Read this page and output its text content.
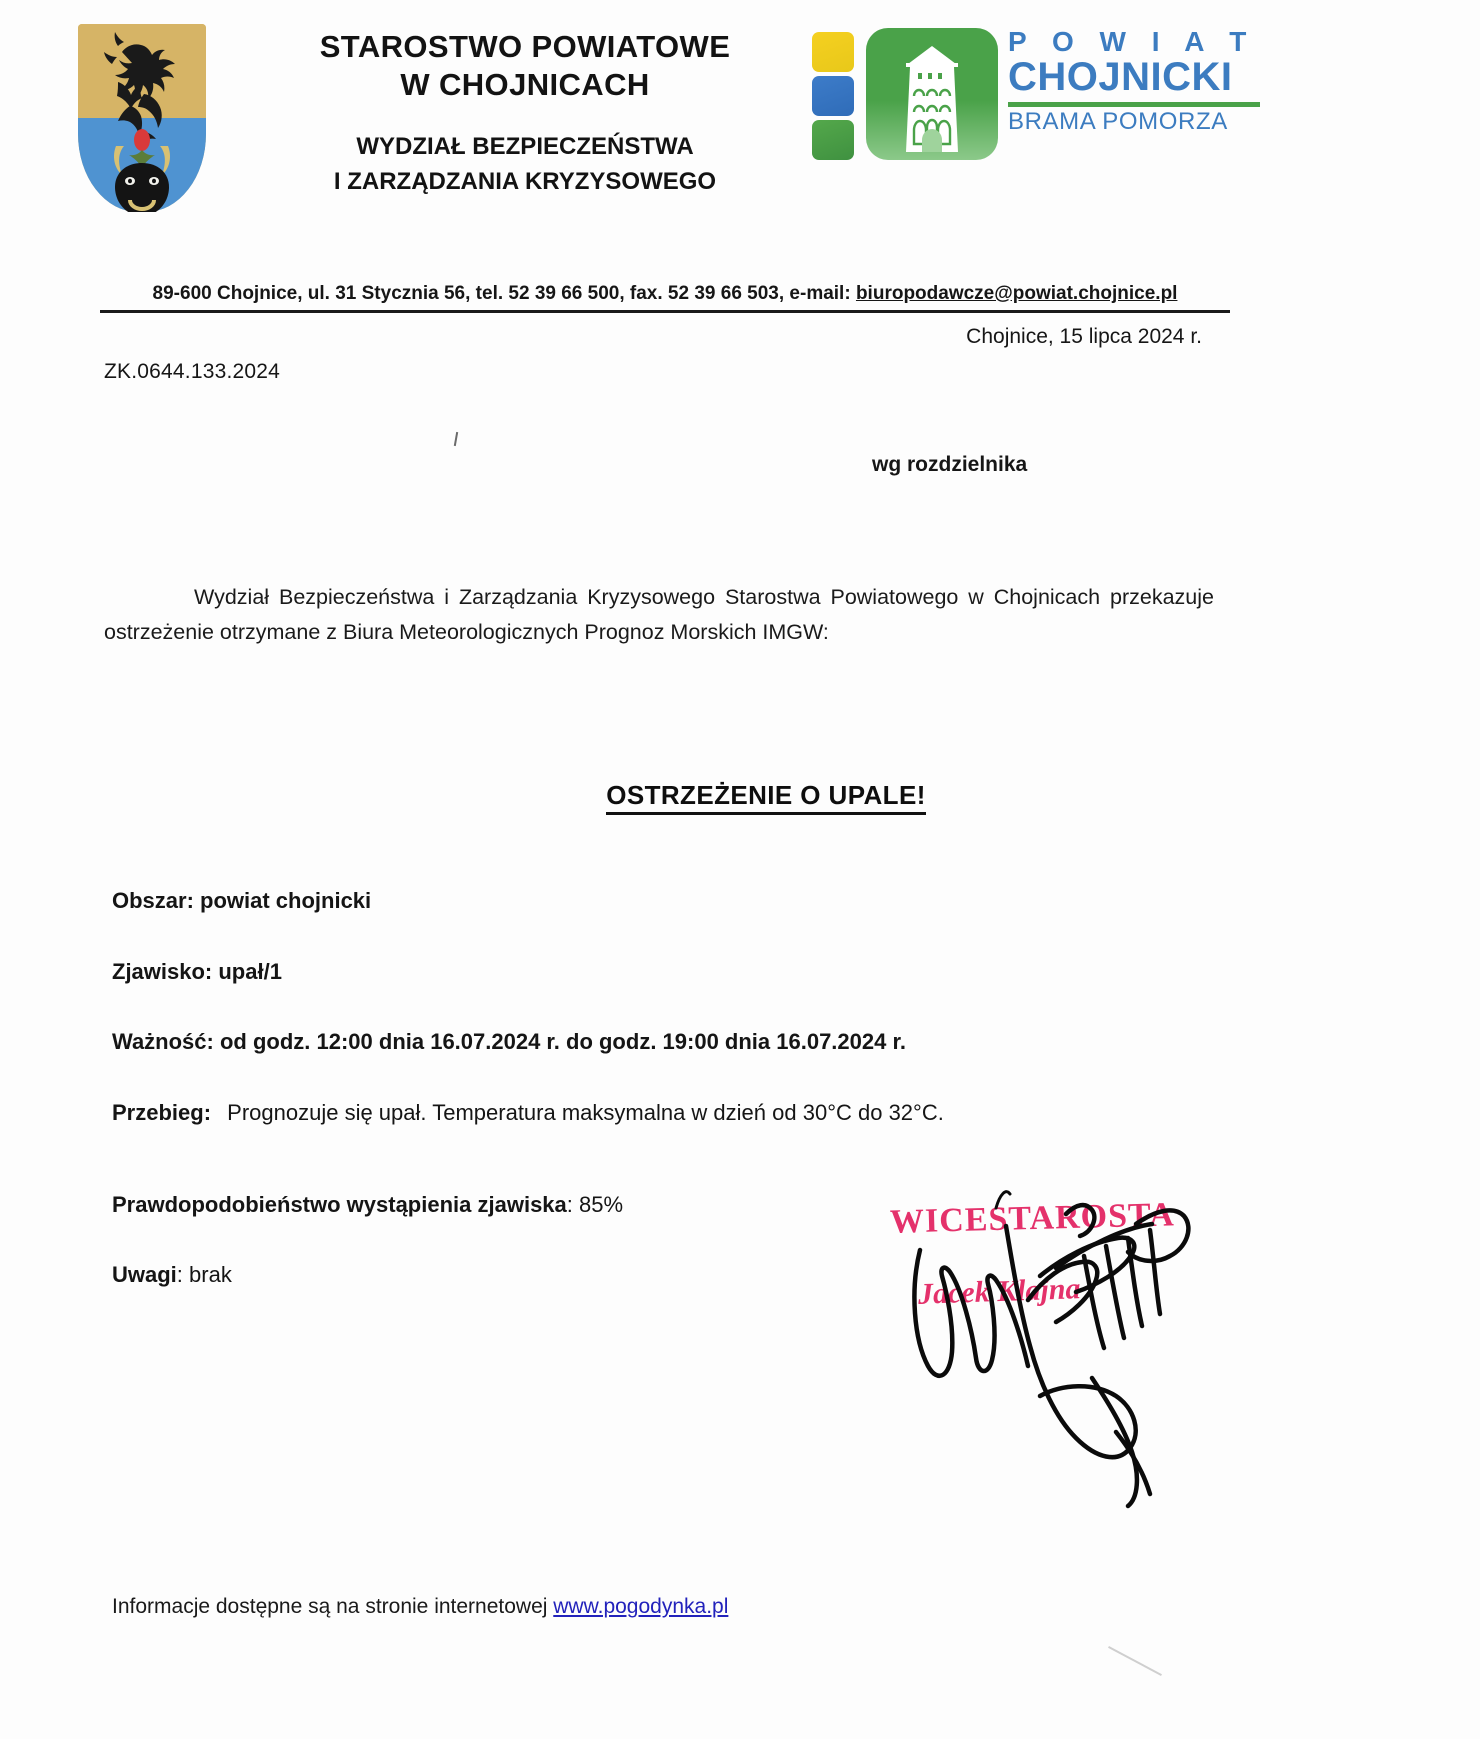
STAROSTWO POWIATOWE
W CHOJNICACH
WYDZIAŁ BEZPIECZEŃSTWA
I ZARZĄDZANIA KRYZYSOWEGO
P O W I A T
CHOJNICKI
BRAMA POMORZA
89-600 Chojnice, ul. 31 Stycznia 56, tel. 52 39 66 500, fax. 52 39 66 503, e-mail: biuropodawcze@powiat.chojnice.pl
Chojnice, 15 lipca 2024 r.
ZK.0644.133.2024
wg rozdzielnika
Wydział Bezpieczeństwa i Zarządzania Kryzysowego Starostwa Powiatowego w Chojnicach przekazuje ostrzeżenie otrzymane z Biura Meteorologicznych Prognoz Morskich IMGW:
OSTRZEŻENIE O UPALE!
Obszar: powiat chojnicki
Zjawisko: upał/1
Ważność: od godz. 12:00 dnia 16.07.2024 r. do godz. 19:00 dnia 16.07.2024 r.
Przebieg: Prognozuje się upał. Temperatura maksymalna w dzień od 30°C do 32°C.
Prawdopodobieństwo wystąpienia zjawiska: 85%
Uwagi: brak
WICESTAROSTA
Jacek Klajna
Informacje dostępne są na stronie internetowej www.pogodynka.pl
